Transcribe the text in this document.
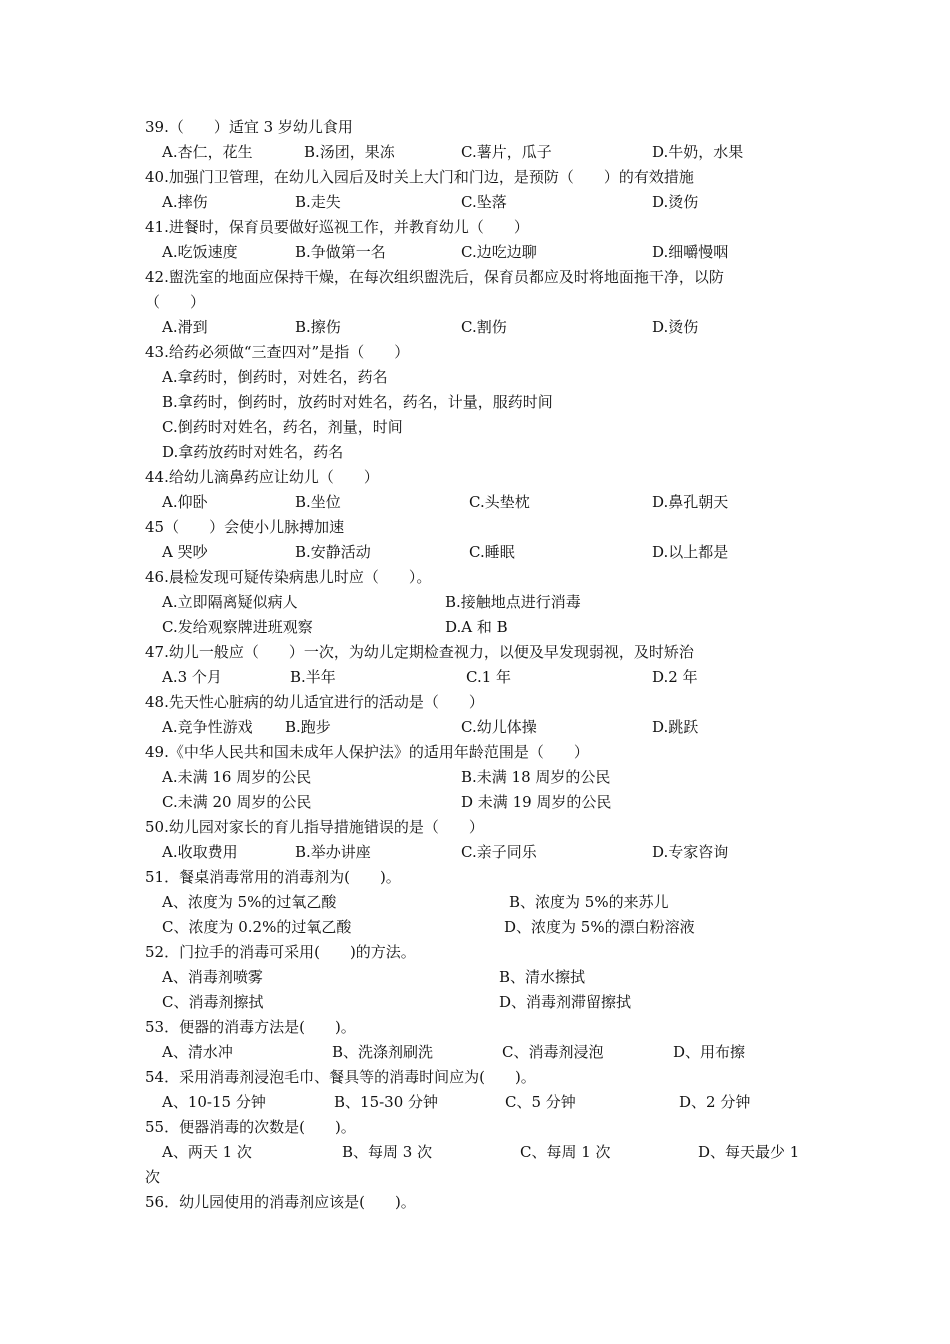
39.（　　）适宜 3 岁幼儿食用
A.杏仁，花生	B.汤团，果冻	C.薯片，瓜子	D.牛奶，水果
40.加强门卫管理，在幼儿入园后及时关上大门和门边，是预防（　　）的有效措施
A.摔伤	B.走失	C.坠落	D.烫伤
41.进餐时，保育员要做好巡视工作，并教育幼儿（　　）
A.吃饭速度	B.争做第一名	C.边吃边聊	D.细嚼慢咽
42.盥洗室的地面应保持干燥，在每次组织盥洗后，保育员都应及时将地面拖干净，以防
（　　）
A.滑到	B.擦伤	C.割伤	D.烫伤
43.给药必须做“三查四对”是指（　　）
A.拿药时，倒药时，对姓名，药名
B.拿药时，倒药时，放药时对姓名，药名，计量，服药时间
C.倒药时对姓名，药名，剂量，时间
D.拿药放药时对姓名，药名
44.给幼儿滴鼻药应让幼儿（　　）
A.仰卧	B.坐位	C.头垫枕	D.鼻孔朝天
45（　　）会使小儿脉搏加速
A 哭吵	B.安静活动	C.睡眠	D.以上都是
46.晨检发现可疑传染病患儿时应（　　）。
A.立即隔离疑似病人	B.接触地点进行消毒
C.发给观察牌进班观察	D.A 和 B
47.幼儿一般应（　　）一次，为幼儿定期检查视力，以便及早发现弱视，及时矫治
A.3 个月	B.半年	C.1 年	D.2 年
48.先天性心脏病的幼儿适宜进行的活动是（　　）
A.竞争性游戏 B.跑步	C.幼儿体操	D.跳跃
49.《中华人民共和国未成年人保护法》的适用年龄范围是（　　）
A.未满 16 周岁的公民	B.未满 18 周岁的公民
C.未满 20 周岁的公民	D 未满 19 周岁的公民
50.幼儿园对家长的育儿指导措施错误的是（　　）
A.收取费用	B.举办讲座	C.亲子同乐	D.专家咨询
51．餐桌消毒常用的消毒剂为(　　)。
A、浓度为 5%的过氧乙酸	B、浓度为 5%的来苏儿
C、浓度为 0.2%的过氧乙酸	D、浓度为 5%的漂白粉溶液
52．门拉手的消毒可采用(　　)的方法。
A、消毒剂喷雾	B、清水擦拭
C、消毒剂擦拭	D、消毒剂滞留擦拭
53．便器的消毒方法是(　　)。
A、清水冲	B、洗涤剂刷洗	C、消毒剂浸泡	D、用布擦
54．采用消毒剂浸泡毛巾、餐具等的消毒时间应为(　　)。
A、10-15 分钟	B、15-30 分钟	C、5 分钟	D、2 分钟
55．便器消毒的次数是(　　)。
A、两天 1 次	B、每周 3 次	C、每周 1 次	D、每天最少 1
次
56．幼儿园使用的消毒剂应该是(　　)。
